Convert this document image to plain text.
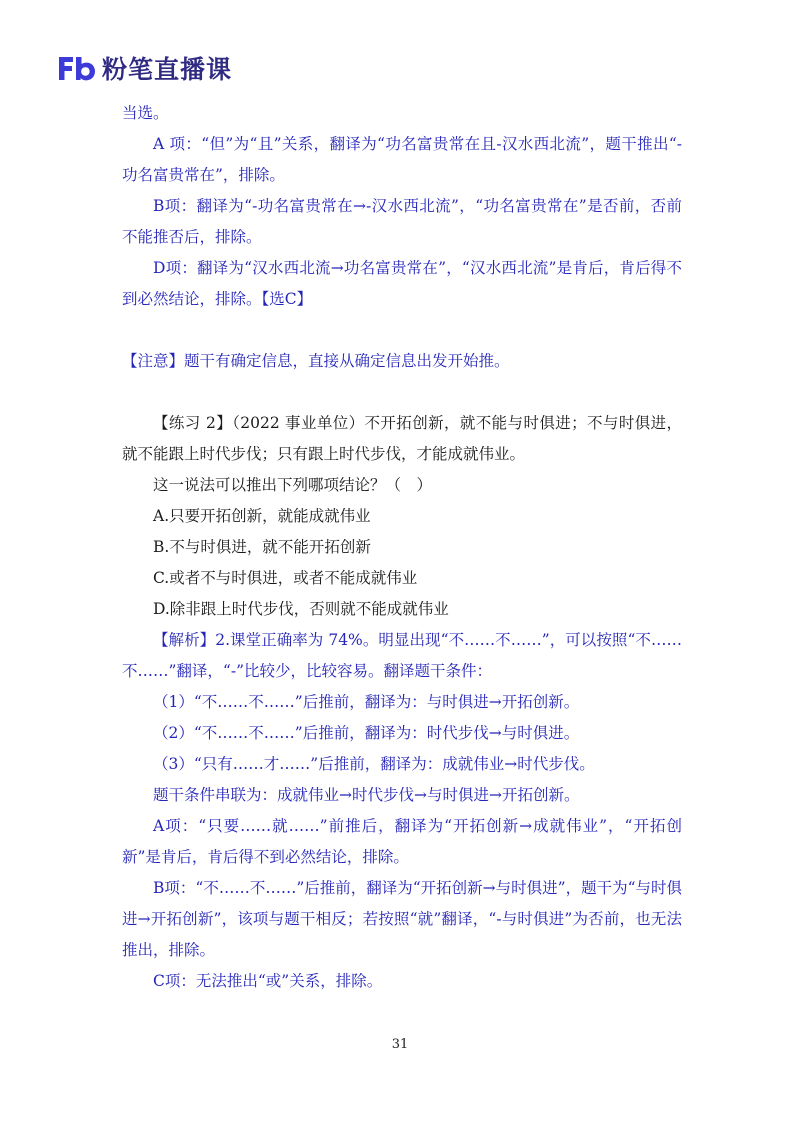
粉笔直播课

当选。

A 项：“但”为“且”关系，翻译为“功名富贵常在且-汉水西北流”，题干推出“-功名富贵常在”，排除。

B项：翻译为“-功名富贵常在→-汉水西北流”，“功名富贵常在”是否前，否前不能推否后，排除。

D项：翻译为“汉水西北流→功名富贵常在”，“汉水西北流”是肯后，肯后得不到必然结论，排除。【选C】

【注意】题干有确定信息，直接从确定信息出发开始推。

【练习 2】（2022 事业单位）不开拓创新，就不能与时俱进；不与时俱进，就不能跟上时代步伐；只有跟上时代步伐，才能成就伟业。

这一说法可以推出下列哪项结论？（　）

A.只要开拓创新，就能成就伟业

B.不与时俱进，就不能开拓创新

C.或者不与时俱进，或者不能成就伟业

D.除非跟上时代步伐，否则就不能成就伟业

【解析】2.课堂正确率为 74%。明显出现“不……不……”，可以按照“不……不……”翻译，“-”比较少，比较容易。翻译题干条件：

（1）“不……不……”后推前，翻译为：与时俱进→开拓创新。

（2）“不……不……”后推前，翻译为：时代步伐→与时俱进。

（3）“只有……才……”后推前，翻译为：成就伟业→时代步伐。

题干条件串联为：成就伟业→时代步伐→与时俱进→开拓创新。

A项：“只要……就……”前推后，翻译为“开拓创新→成就伟业”，“开拓创新”是肯后，肯后得不到必然结论，排除。

B项：“不……不……”后推前，翻译为“开拓创新→与时俱进”，题干为“与时俱进→开拓创新”，该项与题干相反；若按照“就”翻译，“-与时俱进”为否前，也无法推出，排除。

C项：无法推出“或”关系，排除。

31
